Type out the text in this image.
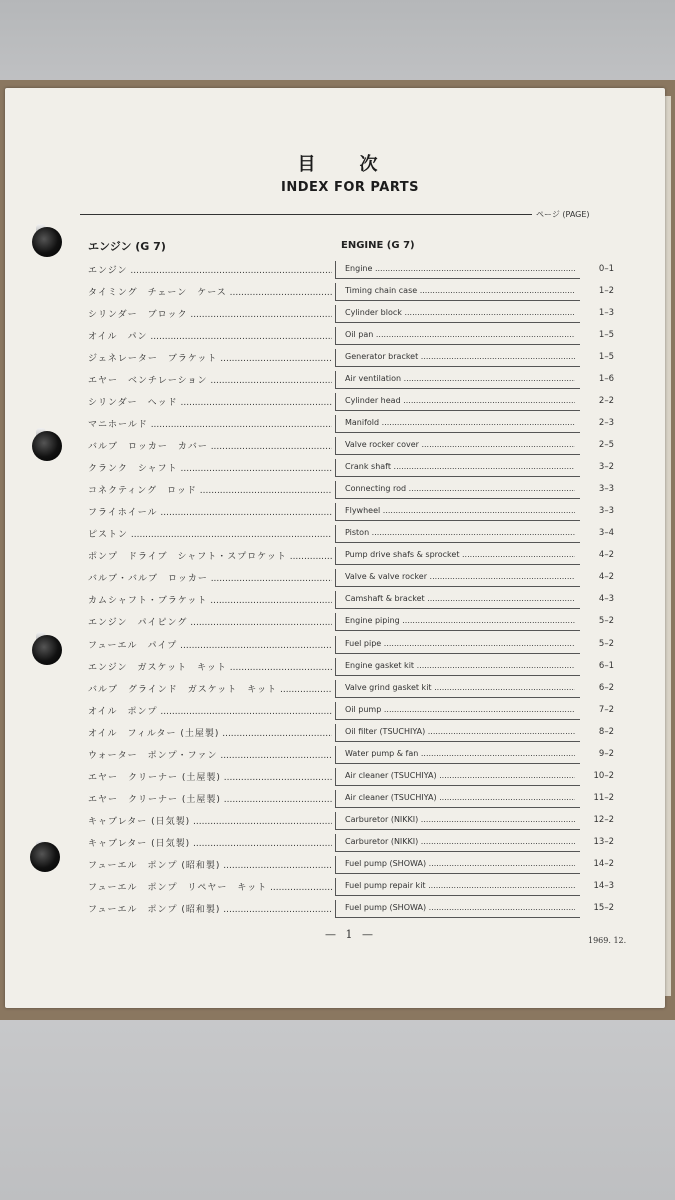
目次
INDEX FOR PARTS
ページ (PAGE)
エンジン (G 7)	ENGINE (G 7)
エンジン .....	Engine .....	0–1
タイミング　チェーン　ケース .....	Timing chain case .....	1–2
シリンダー　ブロック .....	Cylinder block .....	1–3
オイル　パン .....	Oil pan .....	1–5
ジェネレーター　ブラケット .....	Generator bracket .....	1–5
エヤー　ベンチレーション .....	Air ventilation .....	1–6
シリンダー　ヘッド .....	Cylinder head .....	2–2
マニホールド .....	Manifold .....	2–3
バルブ　ロッカー　カバー .....	Valve rocker cover .....	2–5
クランク　シャフト .....	Crank shaft .....	3–2
コネクティング　ロッド .....	Connecting rod .....	3–3
フライホイール .....	Flywheel .....	3–3
ピストン .....	Piston .....	3–4
ポンプ　ドライブ　シャフト・スプロケット .....	Pump drive shafs & sprocket .....	4–2
バルブ・バルブ　ロッカー .....	Valve & valve rocker .....	4–2
カムシャフト・ブラケット .....	Camshaft & bracket .....	4–3
エンジン　パイピング .....	Engine piping .....	5–2
フューエル　パイプ .....	Fuel pipe .....	5–2
エンジン　ガスケット　キット .....	Engine gasket kit .....	6–1
バルブ　グラインド　ガスケット　キット .....	Valve grind gasket kit .....	6–2
オイル　ポンプ .....	Oil pump .....	7–2
オイル　フィルター (土屋製) .....	Oil filter (TSUCHIYA) .....	8–2
ウォーター　ポンプ・ファン .....	Water pump & fan .....	9–2
エヤー　クリーナー (土屋製) .....	Air cleaner (TSUCHIYA) .....	10–2
エヤー　クリーナー (土屋製) .....	Air cleaner (TSUCHIYA) .....	11–2
キャブレター (日気製) .....	Carburetor (NIKKI) .....	12–2
キャブレター (日気製) .....	Carburetor (NIKKI) .....	13–2
フューエル　ポンプ (昭和製) .....	Fuel pump (SHOWA) .....	14–2
フューエル　ポンプ　リペヤー　キット .....	Fuel pump repair kit .....	14–3
フューエル　ポンプ (昭和製) .....	Fuel pump (SHOWA) .....	15–2
— 1 —	1969. 12.
